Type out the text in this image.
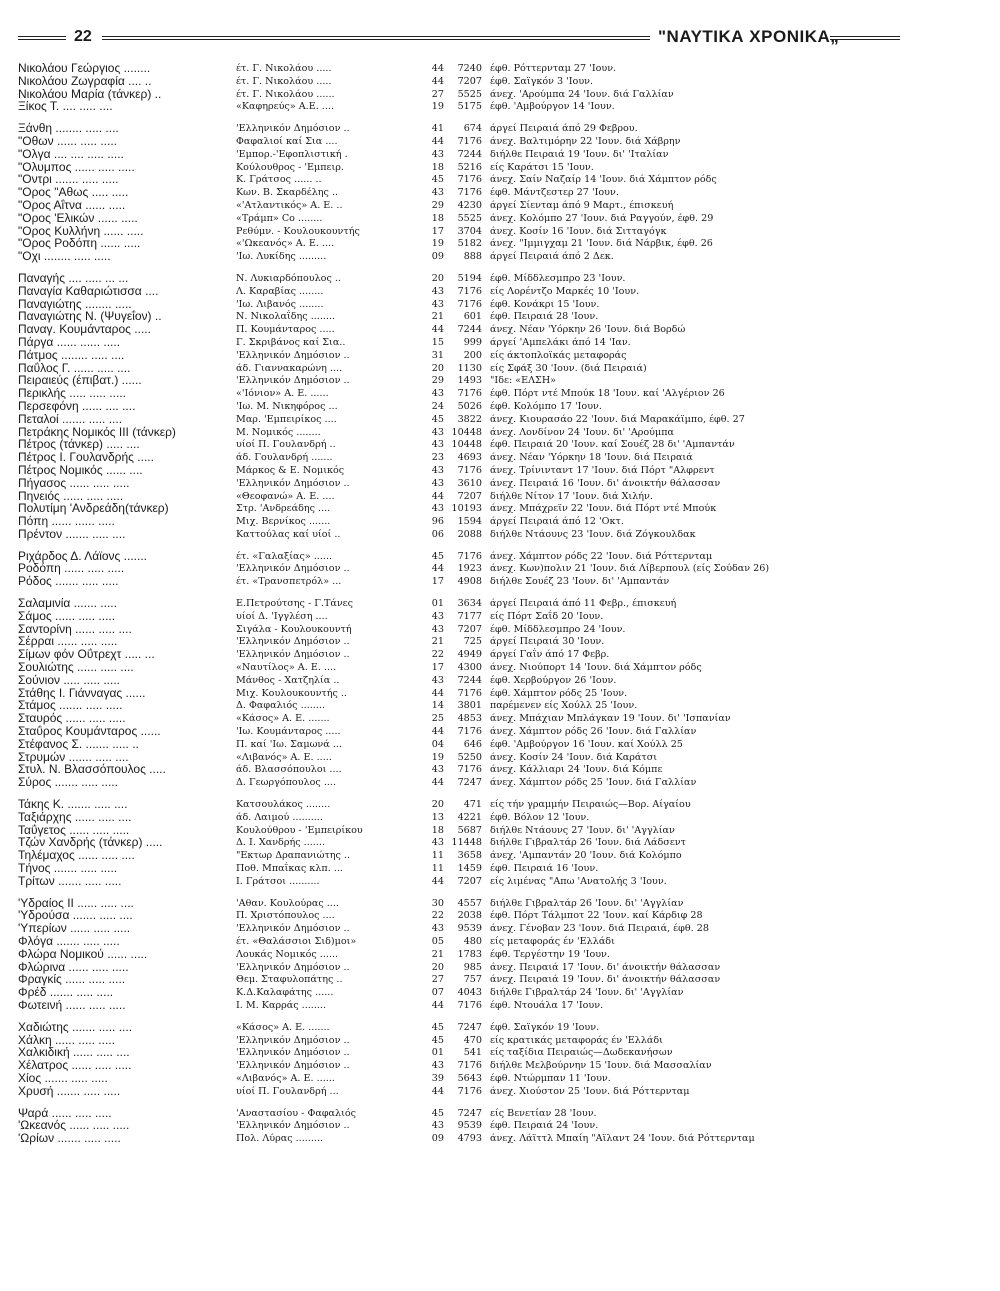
22	"ΝΑΥΤΙΚΑ ΧΡΟΝΙΚΑ„
Νικολάου Γεώργιος ........	έτ. Γ. Νικολάου .....	44	7240 έφθ. Ρόττερνταμ 27 'Ιουν.
Νικολάου Ζωγραφία .... ..	έτ. Γ. Νικολάου .....	44	7207 έφθ. Σαϊγκόν 3 'Ιουν.
Νικολάου Μαρία (τάνκερ) ..	έτ. Γ. Νικολάου ......	27	5525 άνεχ. 'Αρούμπα 24 'Ιουν. διά Γαλλίαν
Ξίκος Τ. .... ..... ....	«Καφηρεύς» Α.Ε. ....	19	5175 έφθ. 'Αμβούργον 14 'Ιουν.
Ξάνθη ........ ..... ....	'Ελληνικόν Δημόσιον ..	41	674 άργεί Πειραιά άπό 29 Φεβρου.
"Οθων ...... ..... .....	Φαφαλιοί καί Σια ....	44	7176 άνεχ. Βαλτιμόρην 22 'Ιουν. διά Χάβρην
"Ολγα .... .... ..... .....	'Εμπορ.-'Εφοπλιστική .	43	7244 διήλθε Πειραιά 19 'Ιουν. δι' 'Ιταλίαν
"Ολυμπος ...... ..... .....	Κούλουθρος - 'Εμπειρ.	18	5216 είς Καράτσι 15 'Ιουν.
"Οντρι ....... ..... .....	Κ. Γράτσος ...... ..	45	7176 άνεχ. Σαίν Ναζαίρ 14 'Ιουν. διά Χάμπτον ρόδς
"Ορος "Αθως ..... .....	Κων. Β. Σκαρδέλης ..	43	7176 έφθ. Μάντζεστερ 27 'Ιουν.
"Ορος Αΐτνα ...... .....	«'Ατλαντικός» Α. Ε. ..	29	4230 άργεί Σίενταμ άπό 9 Μαρτ., έπισκευή
"Ορος 'Ελικών ...... .....	«Τράμπ» Co ........	18	5525 άνεχ. Κολόμπο 27 'Ιουν. διά Ραγγούν, έφθ. 29
"Ορος Κυλλήνη ...... .....	Ρεθύμν. - Κουλουκουντής	17	3704 άνεχ. Κοσίν 16 'Ιουν. διά Σιτταγόγκ
"Ορος Ροδόπη ...... .....	«'Ωκεανός» Α. Ε. ....	19	5182 άνεχ. "Ιμμιγχαμ 21 'Ιουν. διά Νάρβικ, έφθ. 26
"Οχι ........ ..... .....	'Ιω. Λυκίδης .........	09	888 άργεί Πειραιά άπό 2 Δεκ.
Παναγής .... ..... ... ...	Ν. Λυκιαρδόπουλος ..	20	5194 έφθ. Μίδδλεσμπρο 23 'Ιουν.
Παναγία Καθαριώτισσα ....	Λ. Καραβίας ........	43	7176 είς Λορέντζο Μαρκές 10 'Ιουν.
Παναγιώτης ........ .....	'Ιω. Λιβανός ........	43	7176 έφθ. Κονάκρι 15 'Ιουν.
Παναγιώτης Ν. (Ψυγεΐον) ..	Ν. Νικολαΐδης ........	21	601 έφθ. Πειραιά 28 'Ιουν.
Παναγ. Κουμάνταρος .....	Π. Κουμάνταρος .....	44	7244 άνεχ. Νέαν 'Υόρκην 26 'Ιουν. διά Βορδώ
Πάργα ...... ...... .....	Γ. Σκριβάνος καί Σια..	15	999 άργεί 'Αμπελάκι άπό 14 'Ιαν.
Πάτμος ........ ..... ....	'Ελληνικόν Δημόσιον ..	31	200 είς άκτοπλοϊκάς μεταφοράς
Παΰλος Γ. ...... ..... ....	άδ. Γιαννακαρώνη ....	20	1130 είς Σφάξ 30 'Ιουν. (διά Πειραιά)
Πειραιεύς (έπιβατ.) ......	'Ελληνικόν Δημόσιον ..	29	1493 "Ιδε: «ΕΛΣΗ»
Περικλής ..... ..... .....	«'Ιόνιον» Α. Ε. ......	43	7176 έφθ. Πόρτ ντέ Μπούκ 18 'Ιουν. καί 'Αλγέριον 26
Περσεφόνη ...... .... ....	'Ιω. Μ. Νικηφόρος ...	24	5026 έφθ. Κολόμπο 17 'Ιουν.
Πεταλοί ....... ..... ....	Μαρ. 'Εμπειρίκος ....	45	3822 άνεχ. Κιουρασάο 22 'Ιουν. διά Μαρακάϊμπο, έφθ. 27
Πετράκης Νομικός III (τάνκερ)	Μ. Νομικός ........	43 10448 άνεχ. Λονδίνον 24 'Ιουν. δι' 'Αρούμπα
Πέτρος (τάνκερ) ..... ....	υίοί Π. Γουλανδρή ..	43 10448 έφθ. Πειραιά 20 'Ιουν. καί Σουέζ 28 δι' 'Αμπαντάν
Πέτρος Ι. Γουλανδρής .....	άδ. Γουλανδρή .......	23	4693 άνεχ. Νέαν 'Υόρκην 18 'Ιουν. διά Πειραιά
Πέτρος Νομικός ...... ....	Μάρκος & Ε. Νομικός	43	7176 άνεχ. Τρίνινταντ 17 'Ιουν. διά Πόρτ "Αλφρεντ
Πήγασος ...... ..... .....	'Ελληνικόν Δημόσιον ..	43	3610 άνεχ. Πειραιά 16 'Ιουν. δι' άνοικτήν θάλασσαν
Πηνειός ...... ..... .....	«Θεοφανώ» Α. Ε. ....	44	7207 διήλθε Νίτον 17 'Ιουν. διά Χιλήν.
Πολυτίμη 'Ανδρεάδη(τάνκερ)	Στρ. 'Ανδρεάδης ....	43 10193 άνεχ. Μπάχρεϊν 22 'Ιουν. διά Πόρτ ντέ Μπούκ
Πόπη ...... ...... .....	Μιχ. Βερνίκος .......	96	1594 άργεί Πειραιά άπό 12 'Οκτ.
Πρέντον ....... ..... ....	Καττούλας καί υίοί ..	06	2088 διήλθε Ντάουνς 23 'Ιουν. διά Ζόγκουλδακ
Ριχάρδος Δ. Λάϊονς .......	έτ. «Γαλαξίας» ......	45	7176 άνεχ. Χάμπτον ρόδς 22 'Ιουν. διά Ρόττερνταμ
Ροδόπη ...... ..... .....	'Ελληνικόν Δημόσιον ..	44	1923 άνεχ. Κων)πολιν 21 'Ιουν. διά Λίβερπουλ (είς Σούδαν 26)
Ρόδος ....... ..... .....	έτ. «Τρανσπετρόλ» ...	17	4908 διήλθε Σουέζ 23 'Ιουν. δι' 'Αμπαντάν
Σαλαμινία ....... .....	Ε.Πετρούτσης - Γ.Τάνες	01	3634 άργεί Πειραιά άπό 11 Φεβρ., έπισκευή
Σάμος ...... ..... .....	υίοί Δ. 'Ιγγλέση ....	43	7177 είς Πόρτ Σαΐδ 20 'Ιουν.
Σαντορίνη ...... ..... ....	Σιγάλα - Κουλουκουντή	43	7207 έφθ. Μίδδλεσμπρο 24 'Ιουν.
Σέρραι ...... ..... .....	'Ελληνικόν Δημόσιον ..	21	725 άργεί Πειραιά 30 'Ιουν.
Σίμων φόν Οΰτρεχτ ..... ...	'Ελληνικόν Δημόσιον ..	22	4949 άργεί Γαΐν άπό 17 Φεβρ.
Σουλιώτης ...... ..... ....	«Ναυτίλος» Α. Ε. ....	17	4300 άνεχ. Νιούπορτ 14 'Ιουν. διά Χάμπτον ρόδς
Σούνιον ..... ..... .....	Μάνθος - Χατζηλία ..	43	7244 έφθ. Χερβούργον 26 'Ιουν.
Στάθης Ι. Γιάνναγας ......	Μιχ. Κουλουκουντής ..	44	7176 έφθ. Χάμπτον ρόδς 25 'Ιουν.
Στάμος ....... ..... .....	Δ. Φαφαλιός ........	14	3801 παρέμενεν είς Χούλλ 25 'Ιουν.
Σταυρός ...... ..... .....	«Κάσος» Α. Ε. .......	25	4853 άνεχ. Μπάχιαν Μπλάγκαν 19 'Ιουν. δι' 'Ισπανίαν
Σταΰρος Κουμάνταρος ......	'Ιω. Κουμάνταρος .....	44	7176 άνεχ. Χάμπτον ρόδς 26 'Ιουν. διά Γαλλίαν
Στέφανος Σ. ....... ..... ..	Π. καί 'Ιω. Σαμωνά ...	04	646 έφθ. 'Αμβούργον 16 'Ιουν. καί Χούλλ 25
Στρυμών ....... ..... ....	«Λιβανός» Α. Ε. .....	19	5250 άνεχ. Κοσίν 24 'Ιουν. διά Καράτσι
Στυλ. Ν. Βλασσόπουλος .....	άδ. Βλασσόπουλοι ....	43	7176 άνεχ. Κάλλιαρι 24 'Ιουν. διά Κόμπε
Σύρος ....... ..... .....	Δ. Γεωργόπουλος ....	44	7247 άνεχ. Χάμπτον ρόδς 25 'Ιουν. διά Γαλλίαν
Τάκης Κ. ....... ..... ....	Κατσουλάκος ........	20	471 είς τήν γραμμήν Πειραιώς—Βορ. Αίγαίου
Ταξιάρχης ...... ..... ....	άδ. Λαιμού ..........	13	4221 έφθ. Βόλον 12 'Ιουν.
Ταΰγετος ...... ..... .....	Κουλούθρου - 'Εμπειρίκου	18	5687 διήλθε Ντάουνς 27 'Ιουν. δι' 'Αγγλίαν
Τζών Χανδρής (τάνκερ) .....	Δ. Ι. Χανδρής .......	43 11448 διήλθε Γιβραλτάρ 26 'Ιουν. διά Λάδσεντ
Τηλέμαχος ...... ..... ....	"Εκτωρ Δραπανιώτης ..	11	3658 άνεχ. 'Αμπαντάν 20 'Ιουν. διά Κολόμπο
Τήνος ....... ..... .....	Ποθ. Μπαΐκας κλπ. ...	11	1459 έφθ. Πειραιά 16 'Ιουν.
Τρίτων ....... ..... .....	Ι. Γράτσοι ..........	44	7207 είς λιμένας "Απω 'Ανατολής 3 'Ιουν.
'Υδραίος ΙΙ ...... ..... ....	'Αθαν. Κουλούρας ....	30	4557 διήλθε Γιβραλτάρ 26 'Ιουν. δι' 'Αγγλίαν
'Υδρούσα ....... ..... ....	Π. Χριστόπουλος ....	22	2038 έφθ. Πόρτ Τάλμποτ 22 'Ιουν. καί Κάρδιφ 28
'Υπερίων ...... ..... .....	'Ελληνικόν Δημόσιον ..	43	9539 άνεχ. Γένοβαν 23 'Ιουν. διά Πειραιά, έφθ. 28
Φλόγα ....... ..... .....	έτ. «Θαλάσσιοι Σιδ)μοι»	05	480 είς μεταφοράς έν 'Ελλάδι
Φλώρα Νομικού ...... .....	Λουκάς Νομικός ......	21	1783 έφθ. Τεργέστην 19 'Ιουν.
Φλώρινα ...... ..... .....	'Ελληνικόν Δημόσιον ..	20	985 άνεχ. Πειραιά 17 'Ιουν. δι' άνοικτήν θάλασσαν
Φραγκίς ...... ..... .....	Θεμ. Σταφυλοπάτης ..	27	757 άνεχ. Πειραιά 19 'Ιουν. δι' άνοικτήν θάλασσαν
Φρέδ ....... ..... .....	Κ.Δ.Καλαφάτης ......	07	4043 διήλθε Γιβραλτάρ 24 'Ιουν. δι' 'Αγγλίαν
Φωτεινή ...... ..... .....	Ι. Μ. Καρράς ........	44	7176 έφθ. Ντουάλα 17 'Ιουν.
Χαδιώτης ....... ..... ....	«Κάσος» Α. Ε. .......	45	7247 έφθ. Σαϊγκόν 19 'Ιουν.
Χάλκη ...... ..... .....	'Ελληνικόν Δημόσιον ..	45	470 είς κρατικάς μεταφοράς έν 'Ελλάδι
Χαλκιδική ...... ..... ....	'Ελληνικόν Δημόσιον ..	01	541 είς ταξίδια Πειραιώς—Δωδεκανήσων
Χέλατρος ...... ..... .....	'Ελληνικόν Δημόσιον ..	43	7176 διήλθε Μελβούρνην 15 'Ιουν. διά Μασσαλίαν
Χίος ....... ..... .....	«Λιβανός» Α. Ε. ......	39	5643 έφθ. Ντώρμπαν 11 'Ιουν.
Χρυσή ....... ..... .....	υίοί Π. Γουλανδρή ...	44	7176 άνεχ. Χιούστον 25 'Ιουν. διά Ρόττερνταμ
Ψαρά ...... ..... .....	'Αναστασίου - Φαφαλιός	45	7247 είς Βενετίαν 28 'Ιουν.
'Ωκεανός ...... ..... .....	'Ελληνικόν Δημόσιον ..	43	9539 έφθ. Πειραιά 24 'Ιουν.
'Ωρίων ....... ..... .....	Πολ. Λύρας .........	09	4793 άνεχ. Λάϊττλ Μπαίη "Αϊλαντ 24 'Ιουν. διά Ρόττερνταμ
